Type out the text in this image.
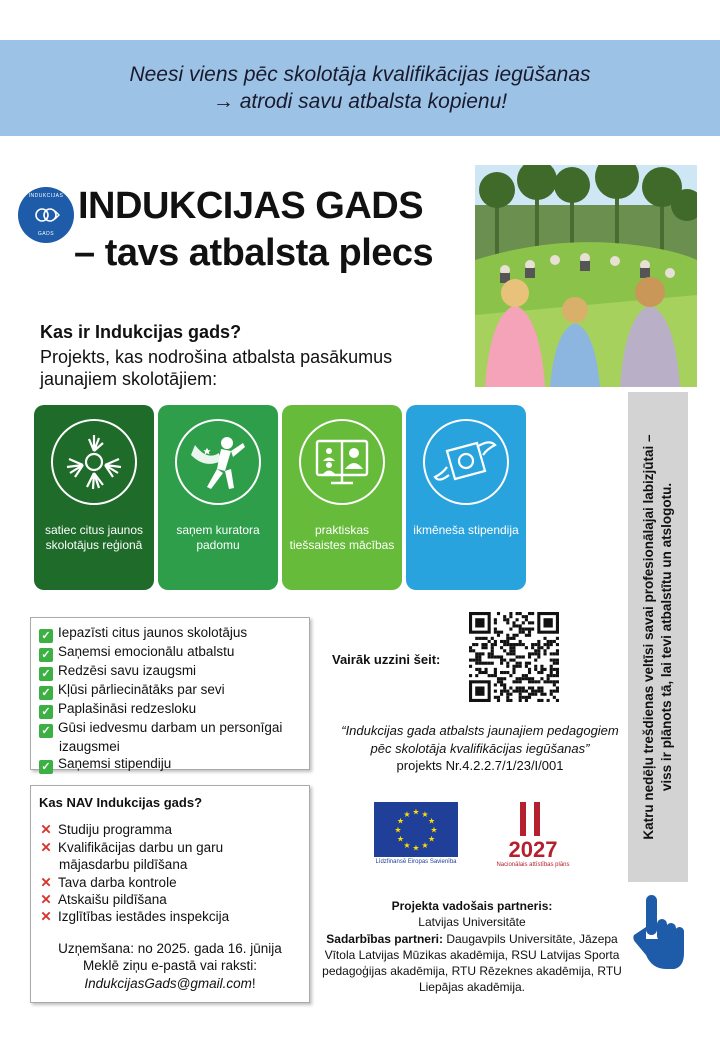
Neesi viens pēc skolotāja kvalifikācijas iegūšanas
→ atrodi savu atbalsta kopienu!
INDUKCIJAS
GADS
INDUKCIJAS GADS
– tavs atbalsta plecs
Kas ir Indukcijas gads?
Projekts, kas nodrošina atbalsta pasākumus jaunajiem skolotājiem:
satiec citus jaunos skolotājus reģionā
saņem kuratora padomu
praktiskas tiešsaistes mācības
ikmēneša stipendija
✓ Iepazīsti citus jaunos skolotājus
✓ Saņemsi emocionālu atbalstu
✓ Redzēsi savu izaugsmi
✓ Kļūsi pārliecinātāks par sevi
✓ Paplašināsi redzesloku
✓ Gūsi iedvesmu darbam un personīgai
izaugsmei
✓ Saņemsi stipendiju
Kas NAV Indukcijas gads?
✕ Studiju programma
✕ Kvalifikācijas darbu un garu
mājasdarbu pildīšana
✕ Tava darba kontrole
✕ Atskaišu pildīšana
✕ Izglītības iestādes inspekcija
Uzņemšana: no 2025. gada 16. jūnija
Meklē ziņu e-pastā vai raksti:
IndukcijasGads@gmail.com!
Vairāk uzzini šeit:
“Indukcijas gada atbalsts jaunajiem pedagogiem pēc skolotāja kvalifikācijas iegūšanas”
projekts Nr.4.2.2.7/1/23/I/001
★
★
★
★
★
★
★
★
★ ★ ★
★
Līdzfinansē Eiropas Savienība 2027
Nacionālais attīstības plāns
Projekta vadošais partneris:
Latvijas Universitāte
Sadarbības partneri: Daugavpils Universitāte, Jāzepa Vītola Latvijas Mūzikas akadēmija, RSU Latvijas Sporta pedagoģijas akadēmija, RTU Rēzeknes akadēmija, RTU Liepājas akadēmija.
Katru nedēļu trešdienas veltīsi savai profesionālajai labizjūtai – viss ir plānots tā, lai tevi atbalstītu un atslogotu.
